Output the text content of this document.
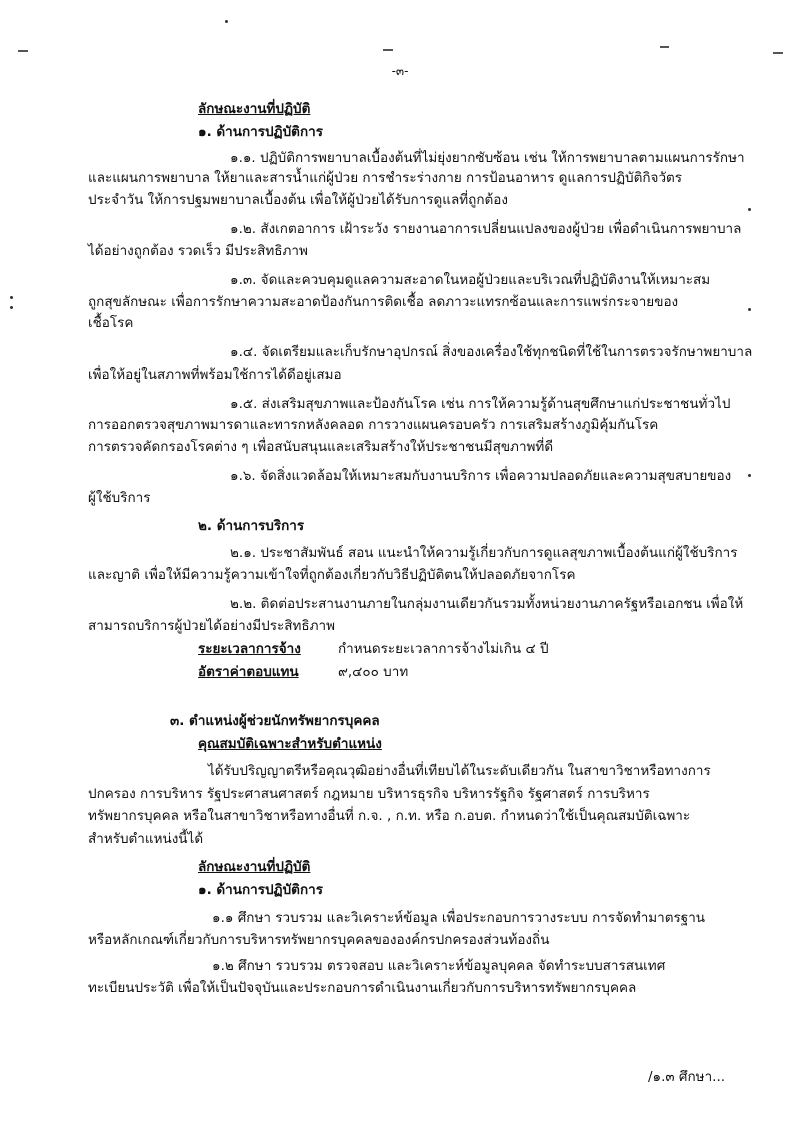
-๓-
ลักษณะงานที่ปฏิบัติ
๑. ด้านการปฏิบัติการ
๑.๑. ปฏิบัติการพยาบาลเบื้องต้นที่ไม่ยุ่งยากซับซ้อน เช่น ให้การพยาบาลตามแผนการรักษา
และแผนการพยาบาล ให้ยาและสารน้ำแก่ผู้ป่วย การชำระร่างกาย การป้อนอาหาร ดูแลการปฏิบัติกิจวัตร
ประจำวัน ให้การปฐมพยาบาลเบื้องต้น เพื่อให้ผู้ป่วยได้รับการดูแลที่ถูกต้อง
๑.๒. สังเกตอาการ เฝ้าระวัง รายงานอาการเปลี่ยนแปลงของผู้ป่วย เพื่อดำเนินการพยาบาล
ได้อย่างถูกต้อง รวดเร็ว มีประสิทธิภาพ
๑.๓. จัดและควบคุมดูแลความสะอาดในหอผู้ป่วยและบริเวณที่ปฏิบัติงานให้เหมาะสม
ถูกสุขลักษณะ เพื่อการรักษาความสะอาดป้องกันการติดเชื้อ ลดภาวะแทรกซ้อนและการแพร่กระจายของ
เชื้อโรค
๑.๔. จัดเตรียมและเก็บรักษาอุปกรณ์ สิ่งของเครื่องใช้ทุกชนิดที่ใช้ในการตรวจรักษาพยาบาล
เพื่อให้อยู่ในสภาพที่พร้อมใช้การได้ดีอยู่เสมอ
๑.๕. ส่งเสริมสุขภาพและป้องกันโรค เช่น การให้ความรู้ด้านสุขศึกษาแก่ประชาชนทั่วไป
การออกตรวจสุขภาพมารดาและทารกหลังคลอด การวางแผนครอบครัว การเสริมสร้างภูมิคุ้มกันโรค
การตรวจคัดกรองโรคต่าง ๆ เพื่อสนับสนุนและเสริมสร้างให้ประชาชนมีสุขภาพที่ดี
๑.๖. จัดสิ่งแวดล้อมให้เหมาะสมกับงานบริการ เพื่อความปลอดภัยและความสุขสบายของ
ผู้ใช้บริการ
๒. ด้านการบริการ
๒.๑. ประชาสัมพันธ์ สอน แนะนำให้ความรู้เกี่ยวกับการดูแลสุขภาพเบื้องต้นแก่ผู้ใช้บริการ
และญาติ เพื่อให้มีความรู้ความเข้าใจที่ถูกต้องเกี่ยวกับวิธีปฏิบัติตนให้ปลอดภัยจากโรค
๒.๒. ติดต่อประสานงานภายในกลุ่มงานเดียวกันรวมทั้งหน่วยงานภาครัฐหรือเอกชน เพื่อให้
สามารถบริการผู้ป่วยได้อย่างมีประสิทธิภาพ
ระยะเวลาการจ้าง	กำหนดระยะเวลาการจ้างไม่เกิน ๔ ปี
อัตราค่าตอบแทน	๙,๔๐๐ บาท
๓. ตำแหน่งผู้ช่วยนักทรัพยากรบุคคล
คุณสมบัติเฉพาะสำหรับตำแหน่ง
ได้รับปริญญาตรีหรือคุณวุฒิอย่างอื่นที่เทียบได้ในระดับเดียวกัน ในสาขาวิชาหรือทางการ
ปกครอง การบริหาร รัฐประศาสนศาสตร์ กฎหมาย บริหารธุรกิจ บริหารรัฐกิจ รัฐศาสตร์ การบริหาร
ทรัพยากรบุคคล หรือในสาขาวิชาหรือทางอื่นที่ ก.จ. , ก.ท. หรือ ก.อบต. กำหนดว่าใช้เป็นคุณสมบัติเฉพาะ
สำหรับตำแหน่งนี้ได้
ลักษณะงานที่ปฏิบัติ
๑. ด้านการปฏิบัติการ
๑.๑ ศึกษา รวบรวม และวิเคราะห์ข้อมูล เพื่อประกอบการวางระบบ การจัดทำมาตรฐาน
หรือหลักเกณฑ์เกี่ยวกับการบริหารทรัพยากรบุคคลขององค์กรปกครองส่วนท้องถิ่น
๑.๒ ศึกษา รวบรวม ตรวจสอบ และวิเคราะห์ข้อมูลบุคคล จัดทำระบบสารสนเทศ
ทะเบียนประวัติ เพื่อให้เป็นปัจจุบันและประกอบการดำเนินงานเกี่ยวกับการบริหารทรัพยากรบุคคล
/๑.๓ ศึกษา...
